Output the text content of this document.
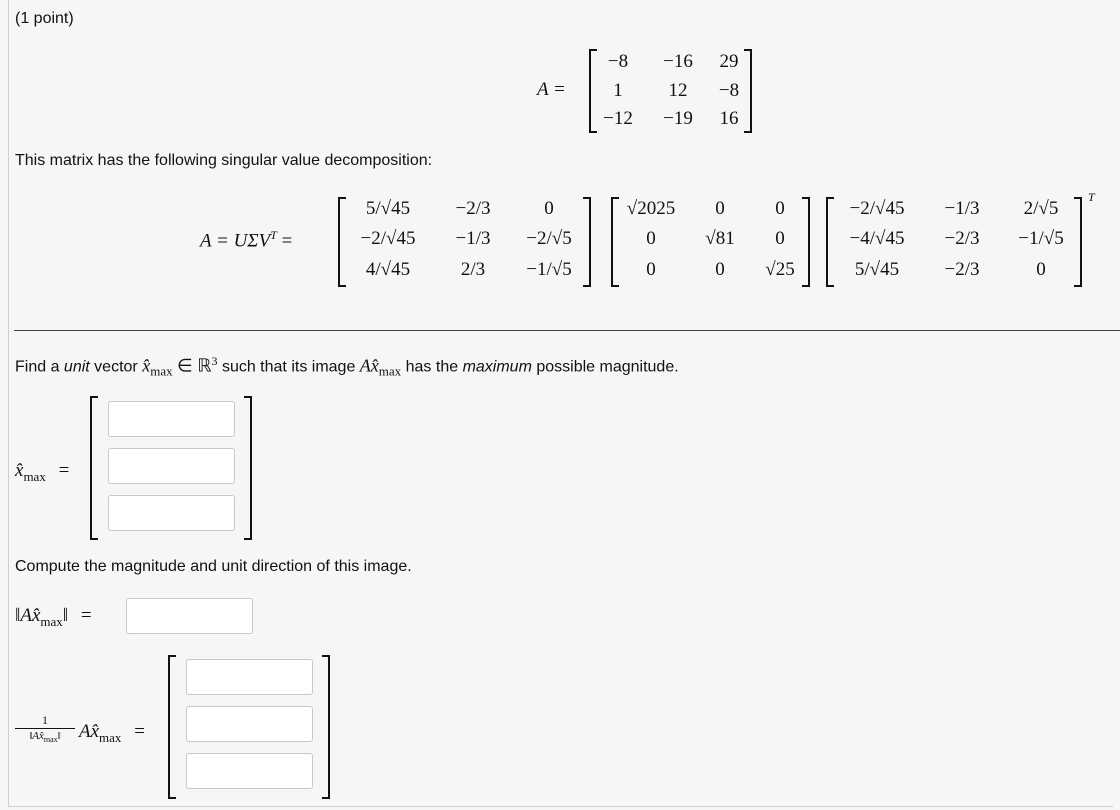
(1 point)
A =
−8 −16 29
1 12 −8
−12 −19 16
This matrix has the following singular value decomposition:
$A = U\Sigma V^T$ =
5/√45 −2/3	0
−2/√45 −1/3 −2/√5
4/√45	2/3 −1/√5
√2025 0	0
0	√81 0
0	0 √25
−2/√45 −1/3 2/√5
−4/√45 −2/3 −1/√5
5/√45 −2/3	0
T
Find a unit vector $x̂_{max}$ ∈ ℝ$^3$ such that its image $Ax̂_{max}$ has the maximum possible magnitude.
$x̂_{max}$ =
Compute the magnitude and unit direction of this image.
$‖Ax̂_{max}‖$ =
1
$‖Ax̂_{max}‖$ $Ax̂_{max}$ =
